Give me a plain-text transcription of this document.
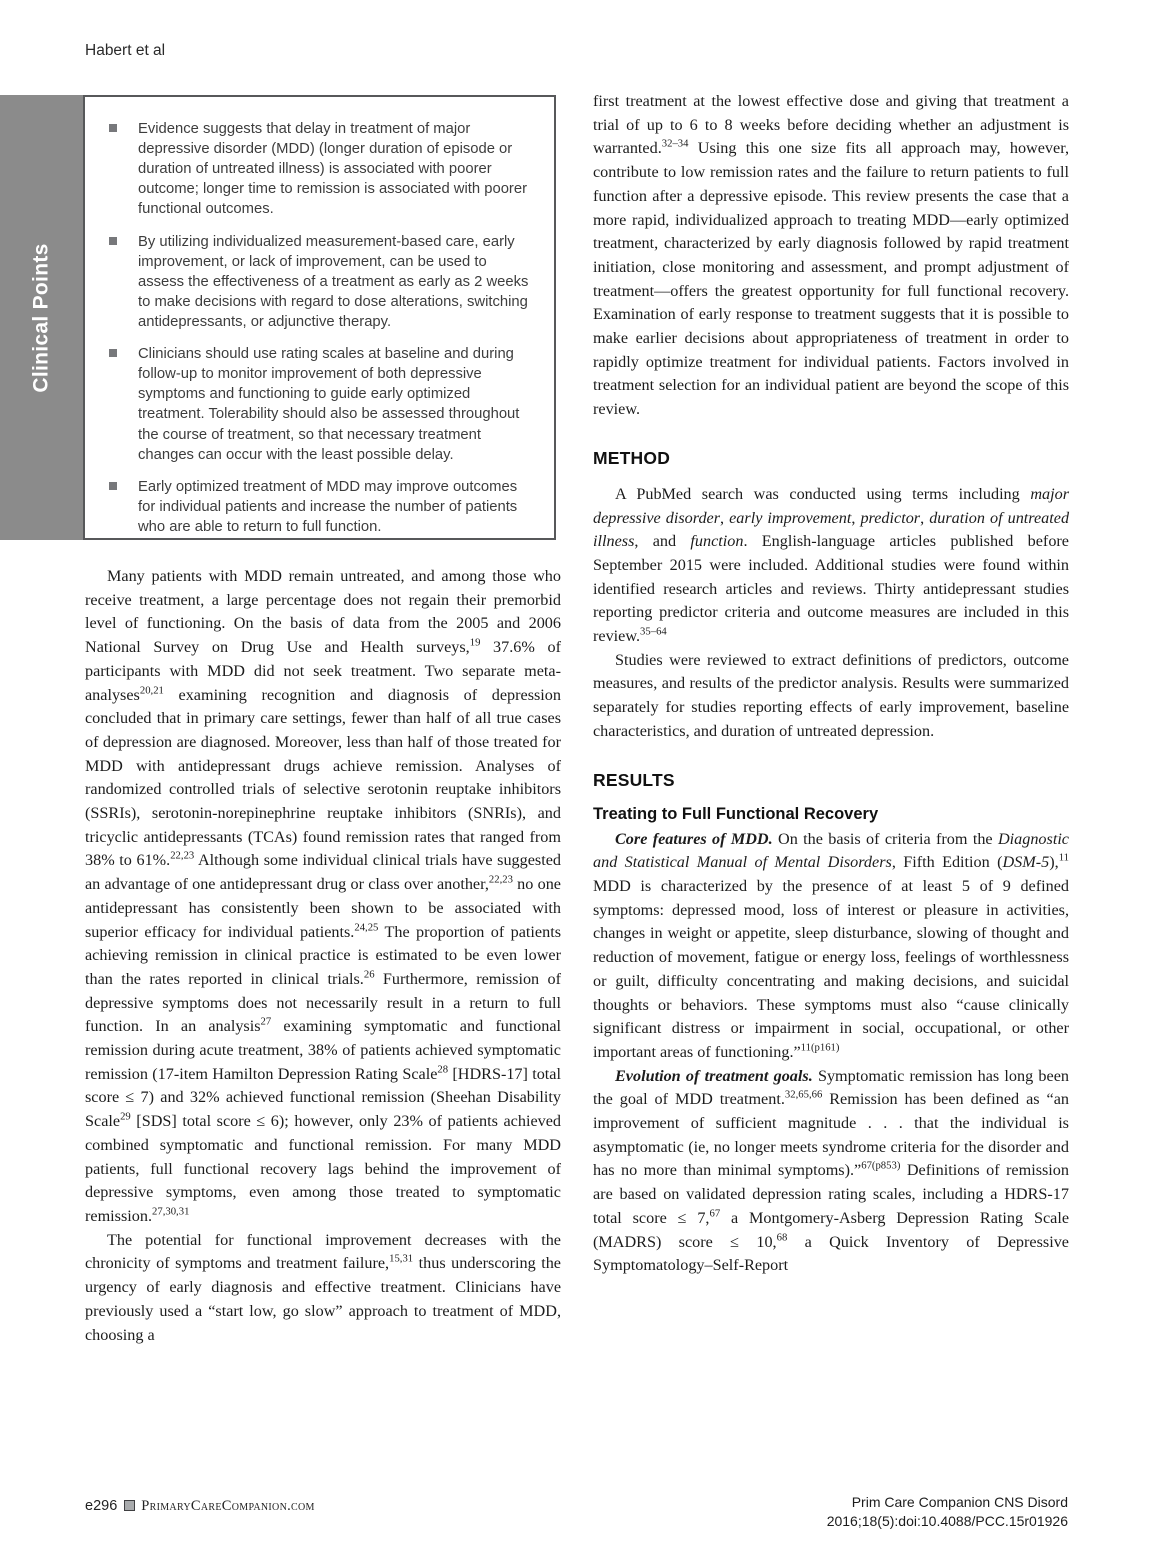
Habert et al
Clinical Points
Evidence suggests that delay in treatment of major depressive disorder (MDD) (longer duration of episode or duration of untreated illness) is associated with poorer outcome; longer time to remission is associated with poorer functional outcomes.
By utilizing individualized measurement-based care, early improvement, or lack of improvement, can be used to assess the effectiveness of a treatment as early as 2 weeks to make decisions with regard to dose alterations, switching antidepressants, or adjunctive therapy.
Clinicians should use rating scales at baseline and during follow-up to monitor improvement of both depressive symptoms and functioning to guide early optimized treatment. Tolerability should also be assessed throughout the course of treatment, so that necessary treatment changes can occur with the least possible delay.
Early optimized treatment of MDD may improve outcomes for individual patients and increase the number of patients who are able to return to full function.

Many patients with MDD remain untreated, and among those who receive treatment, a large percentage does not regain their premorbid level of functioning. On the basis of data from the 2005 and 2006 National Survey on Drug Use and Health surveys,$^{19}$ 37.6% of participants with MDD did not seek treatment. Two separate meta-analyses$^{20,21}$ examining recognition and diagnosis of depression concluded that in primary care settings, fewer than half of all true cases of depression are diagnosed. Moreover, less than half of those treated for MDD with antidepressant drugs achieve remission. Analyses of randomized controlled trials of selective serotonin reuptake inhibitors (SSRIs), serotonin-norepinephrine reuptake inhibitors (SNRIs), and tricyclic antidepressants (TCAs) found remission rates that ranged from 38% to 61%.$^{22,23}$ Although some individual clinical trials have suggested an advantage of one antidepressant drug or class over another,$^{22,23}$ no one antidepressant has consistently been shown to be associated with superior efficacy for individual patients.$^{24,25}$ The proportion of patients achieving remission in clinical practice is estimated to be even lower than the rates reported in clinical trials.$^{26}$ Furthermore, remission of depressive symptoms does not necessarily result in a return to full function. In an analysis$^{27}$ examining symptomatic and functional remission during acute treatment, 38% of patients achieved symptomatic remission (17-item Hamilton Depression Rating Scale$^{28}$ [HDRS-17] total score ≤ 7) and 32% achieved functional remission (Sheehan Disability Scale$^{29}$ [SDS] total score ≤ 6); however, only 23% of patients achieved combined symptomatic and functional remission. For many MDD patients, full functional recovery lags behind the improvement of depressive symptoms, even among those treated to symptomatic remission.$^{27,30,31}$

The potential for functional improvement decreases with the chronicity of symptoms and treatment failure,$^{15,31}$ thus underscoring the urgency of early diagnosis and effective treatment. Clinicians have previously used a “start low, go slow” approach to treatment of MDD, choosing a

first treatment at the lowest effective dose and giving that treatment a trial of up to 6 to 8 weeks before deciding whether an adjustment is warranted.$^{32-34}$ Using this one size fits all approach may, however, contribute to low remission rates and the failure to return patients to full function after a depressive episode. This review presents the case that a more rapid, individualized approach to treating MDD—early optimized treatment, characterized by early diagnosis followed by rapid treatment initiation, close monitoring and assessment, and prompt adjustment of treatment—offers the greatest opportunity for full functional recovery. Examination of early response to treatment suggests that it is possible to make earlier decisions about appropriateness of treatment in order to rapidly optimize treatment for individual patients. Factors involved in treatment selection for an individual patient are beyond the scope of this review.

METHOD

A PubMed search was conducted using terms including major depressive disorder, early improvement, predictor, duration of untreated illness, and function. English-language articles published before September 2015 were included. Additional studies were found within identified research articles and reviews. Thirty antidepressant studies reporting predictor criteria and outcome measures are included in this review.$^{35-64}$

Studies were reviewed to extract definitions of predictors, outcome measures, and results of the predictor analysis. Results were summarized separately for studies reporting effects of early improvement, baseline characteristics, and duration of untreated depression.

RESULTS
Treating to Full Functional Recovery

Core features of MDD. On the basis of criteria from the Diagnostic and Statistical Manual of Mental Disorders, Fifth Edition (DSM-5),$^{11}$ MDD is characterized by the presence of at least 5 of 9 defined symptoms: depressed mood, loss of interest or pleasure in activities, changes in weight or appetite, sleep disturbance, slowing of thought and reduction of movement, fatigue or energy loss, feelings of worthlessness or guilt, difficulty concentrating and making decisions, and suicidal thoughts or behaviors. These symptoms must also “cause clinically significant distress or impairment in social, occupational, or other important areas of functioning.”$^{11(p161)}$

Evolution of treatment goals. Symptomatic remission has long been the goal of MDD treatment.$^{32,65,66}$ Remission has been defined as “an improvement of sufficient magnitude . . . that the individual is asymptomatic (ie, no longer meets syndrome criteria for the disorder and has no more than minimal symptoms).”$^{67(p853)}$ Definitions of remission are based on validated depression rating scales, including a HDRS-17 total score ≤ 7,67 a Montgomery-Asberg Depression Rating Scale (MADRS) score ≤ 10,68 a Quick Inventory of Depressive Symptomatology–Self-Report

e296 PrimaryCareCompanion.com	Prim Care Companion CNS Disord
2016;18(5):doi:10.4088/PCC.15r01926
